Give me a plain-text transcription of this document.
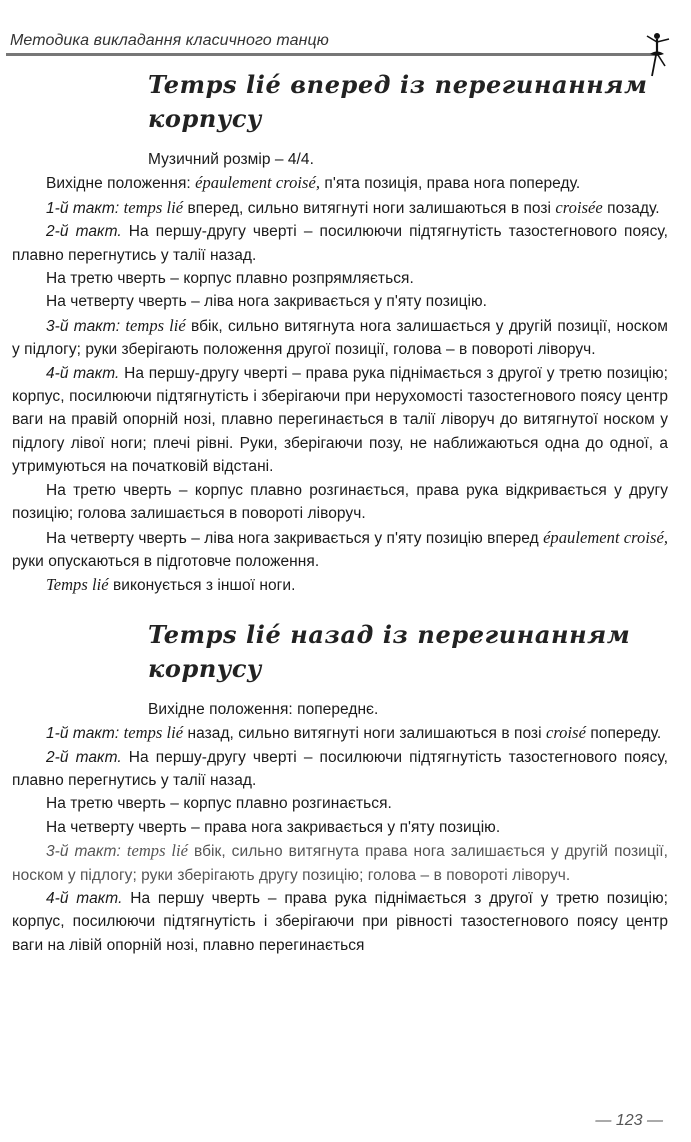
Методика викладання класичного танцю
Temps lié вперед із перегинанням
корпусу

Музичний розмір – 4/4.

Вихідне положення: épaulement croisé, п'ята позиція, права нога попереду.

1-й такт: temps lié вперед, сильно витягнуті ноги залишаються в позі croisée позаду.

2-й такт. На першу-другу чверті – посилюючи підтягнутість тазостегнового поясу, плавно перегнутись у талії назад.

На третю чверть – корпус плавно розпрямляється.

На четверту чверть – ліва нога закривається у п'яту позицію.

3-й такт: temps lié вбік, сильно витягнута нога залишається у другій позиції, носком у підлогу; руки зберігають положення другої позиції, голова – в повороті ліворуч.

4-й такт. На першу-другу чверті – права рука піднімається з другої у третю позицію; корпус, посилюючи підтягнутість і зберігаючи при нерухомості тазостегнового поясу центр ваги на правій опорній нозі, плавно перегинається в талії ліворуч до витягнутої носком у підлогу лівої ноги; плечі рівні. Руки, зберігаючи позу, не наближаються одна до одної, а утримуються на початковій відстані.

На третю чверть – корпус плавно розгинається, права рука відкривається у другу позицію; голова залишається в повороті ліворуч.

На четверту чверть – ліва нога закривається у п'яту позицію вперед épaulement croisé, руки опускаються в підготовче положення.

Temps lié виконується з іншої ноги.

Temps lié назад із перегинанням
корпусу

Вихідне положення: попереднє.

1-й такт: temps lié назад, сильно витягнуті ноги залишаються в позі croisé попереду.

2-й такт. На першу-другу чверті – посилюючи підтягнутість тазостегнового поясу, плавно перегнутись у талії назад.

На третю чверть – корпус плавно розгинається.

На четверту чверть – права нога закривається у п'яту позицію.

3-й такт: temps lié вбік, сильно витягнута права нога залишається у другій позиції, носком у підлогу; руки зберігають другу позицію; голова – в повороті ліворуч.

4-й такт. На першу чверть – права рука піднімається з другої у третю позицію; корпус, посилюючи підтягнутість і зберігаючи при рівності тазостегнового поясу центр ваги на лівій опорній нозі, плавно перегинається

— 123 —
